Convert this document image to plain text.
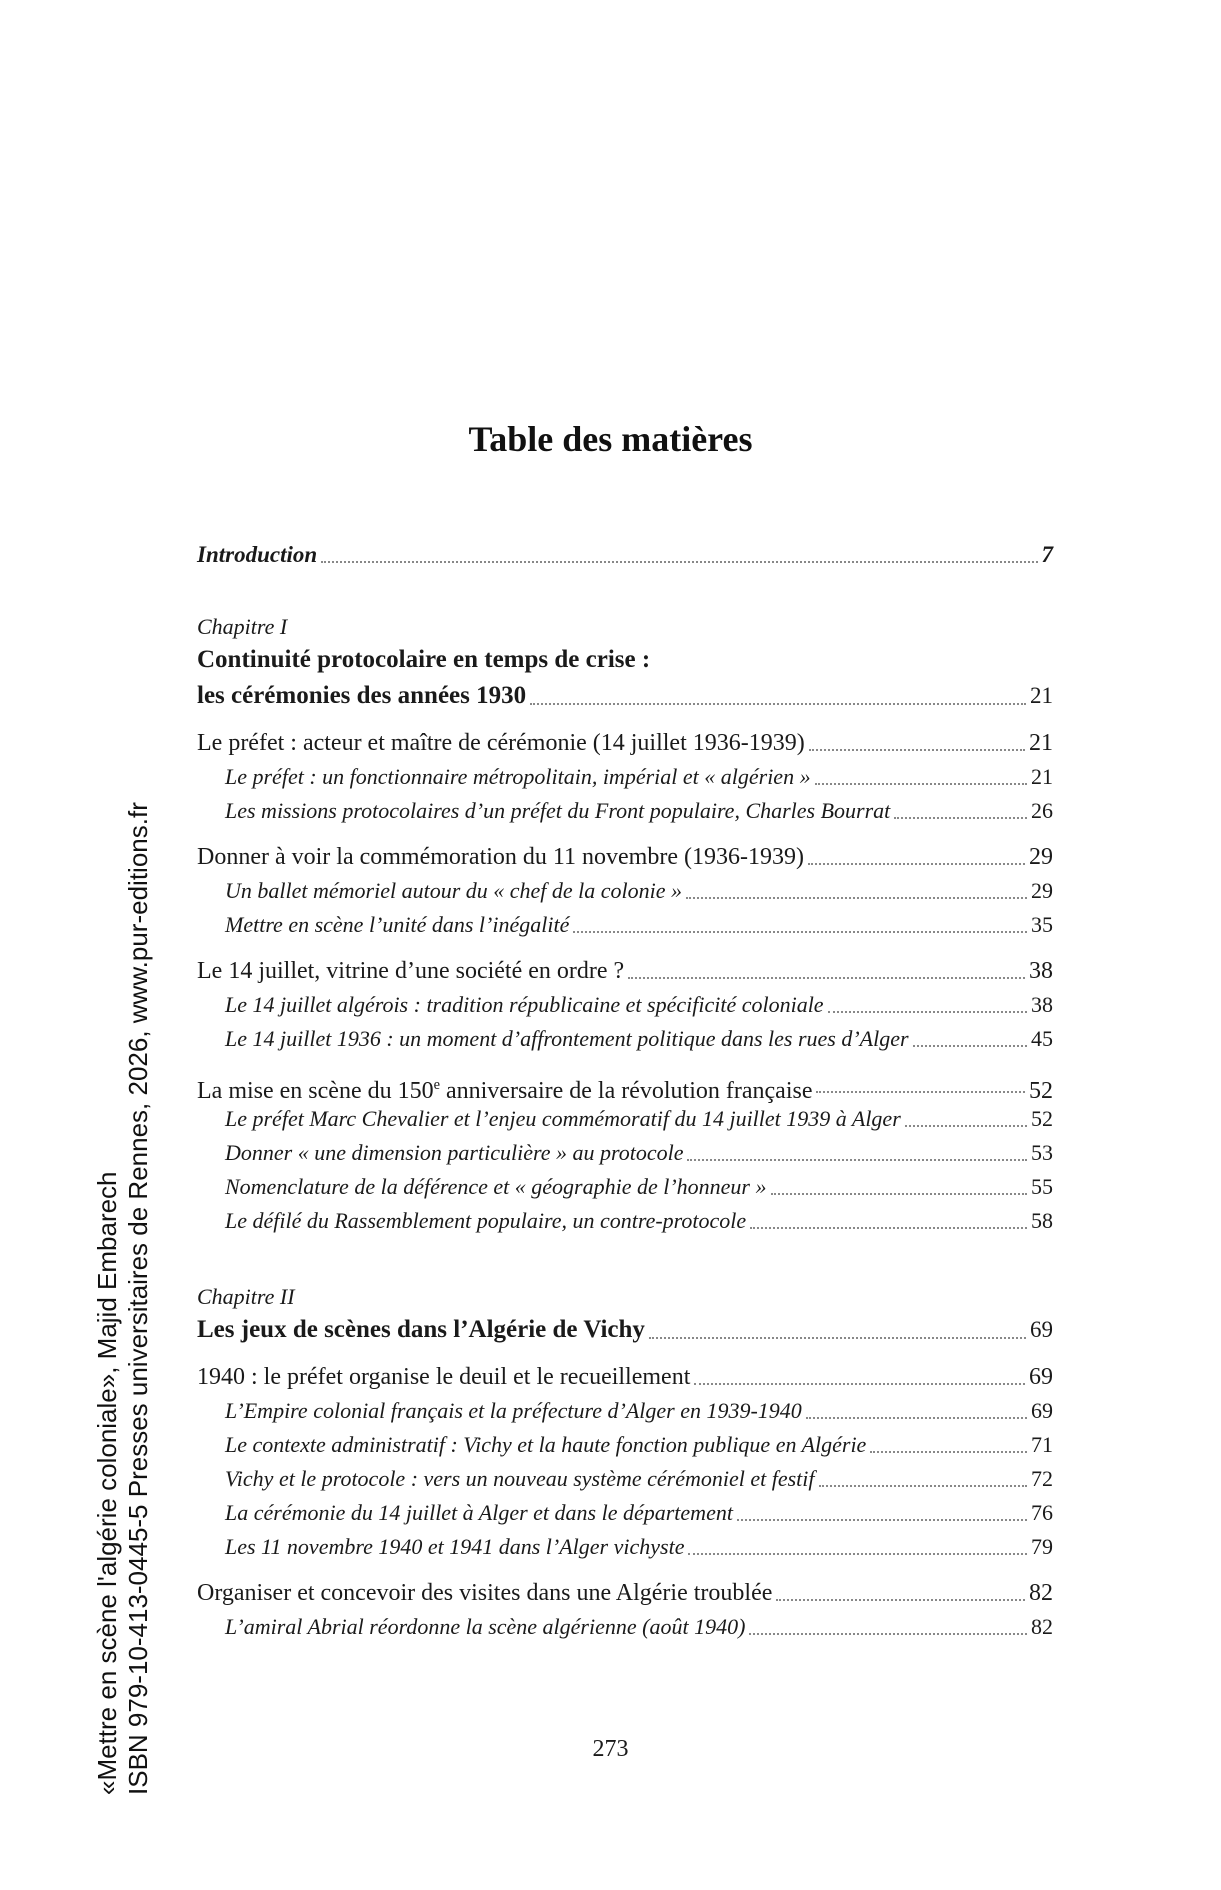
«Mettre en scène l'algérie coloniale», Majid Embarech ISBN 979-10-413-0445-5 Presses universitaires de Rennes, 2026, www.pur-editions.fr
Table des matières
Introduction	7
Chapitre I
Continuité protocolaire en temps de crise :
les cérémonies des années 1930	21
Le préfet : acteur et maître de cérémonie (14 juillet 1936-1939)	21
Le préfet : un fonctionnaire métropolitain, impérial et « algérien »	21
Les missions protocolaires d’un préfet du Front populaire, Charles Bourrat	26
Donner à voir la commémoration du 11 novembre (1936-1939)	29
Un ballet mémoriel autour du « chef de la colonie »	29
Mettre en scène l’unité dans l’inégalité	35
Le 14 juillet, vitrine d’une société en ordre ?	38
Le 14 juillet algérois : tradition républicaine et spécificité coloniale	38
Le 14 juillet 1936 : un moment d’affrontement politique dans les rues d’Alger	45
La mise en scène du 150e anniversaire de la révolution française	52
Le préfet Marc Chevalier et l’enjeu commémoratif du 14 juillet 1939 à Alger	52
Donner « une dimension particulière » au protocole	53
Nomenclature de la déférence et « géographie de l’honneur »	55
Le défilé du Rassemblement populaire, un contre-protocole	58
Chapitre II
Les jeux de scènes dans l’Algérie de Vichy	69
1940 : le préfet organise le deuil et le recueillement	69
L’Empire colonial français et la préfecture d’Alger en 1939-1940	69
Le contexte administratif : Vichy et la haute fonction publique en Algérie	71
Vichy et le protocole : vers un nouveau système cérémoniel et festif	72
La cérémonie du 14 juillet à Alger et dans le département	76
Les 11 novembre 1940 et 1941 dans l’Alger vichyste	79
Organiser et concevoir des visites dans une Algérie troublée	82
L’amiral Abrial réordonne la scène algérienne (août 1940)	82
273
